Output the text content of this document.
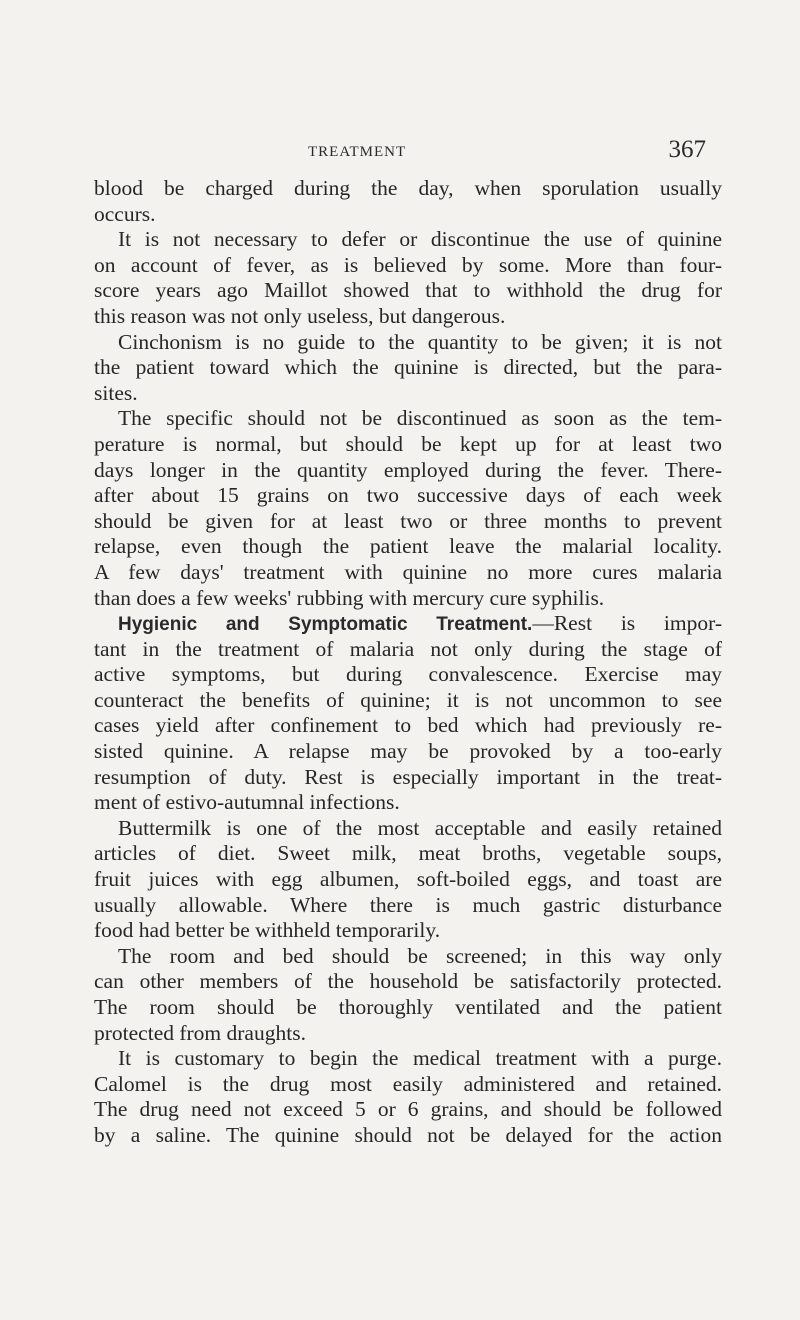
TREATMENT	367
blood be charged during the day, when sporulation usually
occurs.
It is not necessary to defer or discontinue the use of quinine
on account of fever, as is believed by some. More than four-
score years ago Maillot showed that to withhold the drug for
this reason was not only useless, but dangerous.
Cinchonism is no guide to the quantity to be given; it is not
the patient toward which the quinine is directed, but the para-
sites.
The specific should not be discontinued as soon as the tem-
perature is normal, but should be kept up for at least two
days longer in the quantity employed during the fever. There-
after about 15 grains on two successive days of each week
should be given for at least two or three months to prevent
relapse, even though the patient leave the malarial locality.
A few days' treatment with quinine no more cures malaria
than does a few weeks' rubbing with mercury cure syphilis.
Hygienic and Symptomatic Treatment.—Rest is impor-
tant in the treatment of malaria not only during the stage of
active symptoms, but during convalescence. Exercise may
counteract the benefits of quinine; it is not uncommon to see
cases yield after confinement to bed which had previously re-
sisted quinine. A relapse may be provoked by a too-early
resumption of duty. Rest is especially important in the treat-
ment of estivo-autumnal infections.
Buttermilk is one of the most acceptable and easily retained
articles of diet. Sweet milk, meat broths, vegetable soups,
fruit juices with egg albumen, soft-boiled eggs, and toast are
usually allowable. Where there is much gastric disturbance
food had better be withheld temporarily.
The room and bed should be screened; in this way only
can other members of the household be satisfactorily protected.
The room should be thoroughly ventilated and the patient
protected from draughts.
It is customary to begin the medical treatment with a purge.
Calomel is the drug most easily administered and retained.
The drug need not exceed 5 or 6 grains, and should be followed
by a saline. The quinine should not be delayed for the action
